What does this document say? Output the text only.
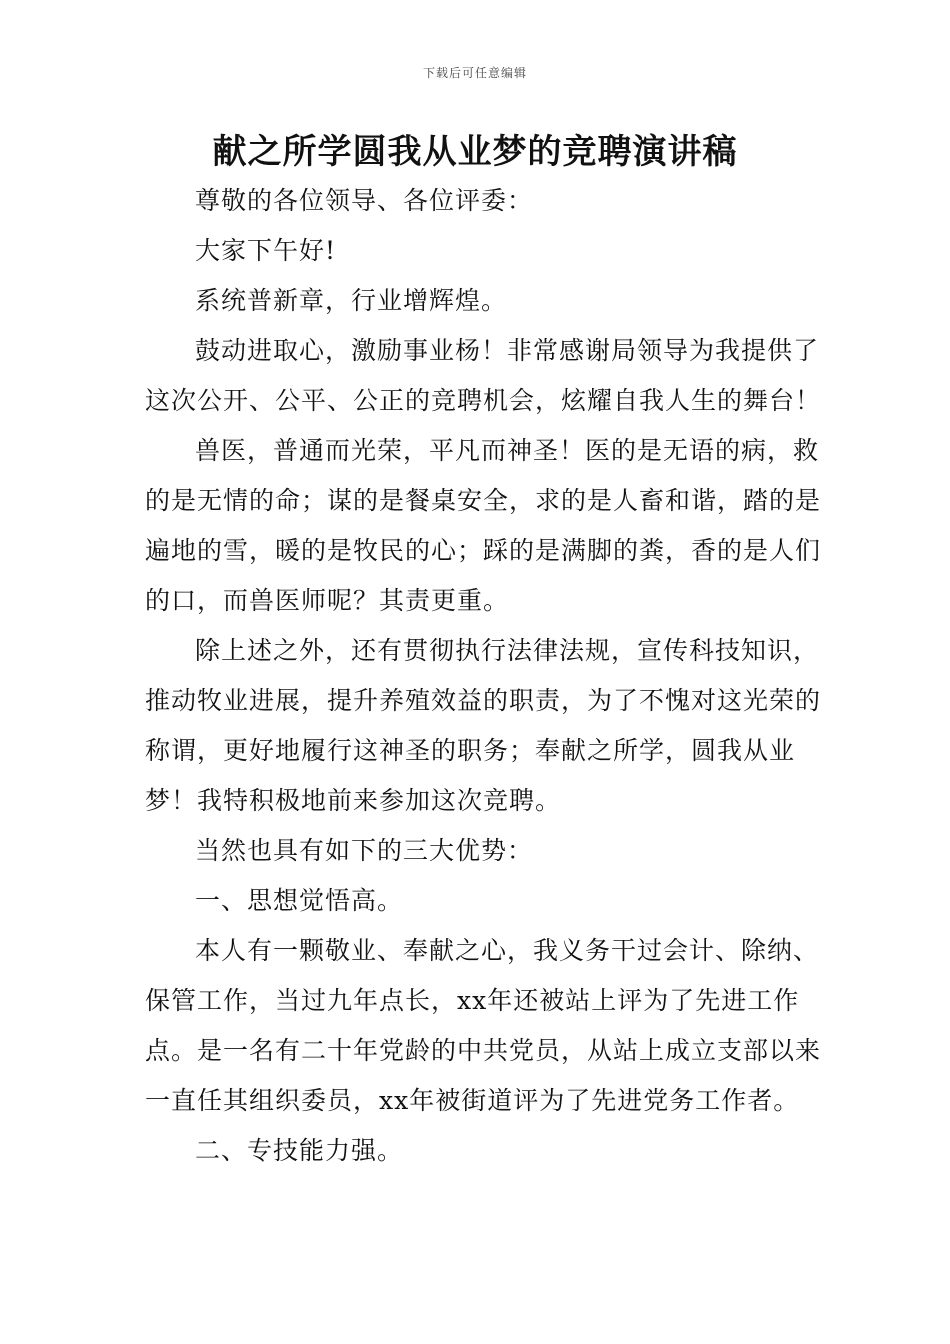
下载后可任意编辑
献之所学圆我从业梦的竞聘演讲稿

尊敬的各位领导、各位评委：

大家下午好!

系统普新章，行业增辉煌。

鼓动进取心，激励事业杨！非常感谢局领导为我提供了这次公开、公平、公正的竞聘机会，炫耀自我人生的舞台！

兽医，普通而光荣，平凡而神圣！医的是无语的病，救的是无情的命；谋的是餐桌安全，求的是人畜和谐，踏的是遍地的雪，暖的是牧民的心；踩的是满脚的粪，香的是人们的口，而兽医师呢？其责更重。

除上述之外，还有贯彻执行法律法规，宣传科技知识，推动牧业进展，提升养殖效益的职责，为了不愧对这光荣的称谓，更好地履行这神圣的职务；奉献之所学，圆我从业梦！我特积极地前来参加这次竞聘。

当然也具有如下的三大优势：

一、思想觉悟高。

本人有一颗敬业、奉献之心，我义务干过会计、除纳、保管工作，当过九年点长，xx年还被站上评为了先进工作点。是一名有二十年党龄的中共党员，从站上成立支部以来一直任其组织委员，xx年被街道评为了先进党务工作者。

二、专技能力强。
